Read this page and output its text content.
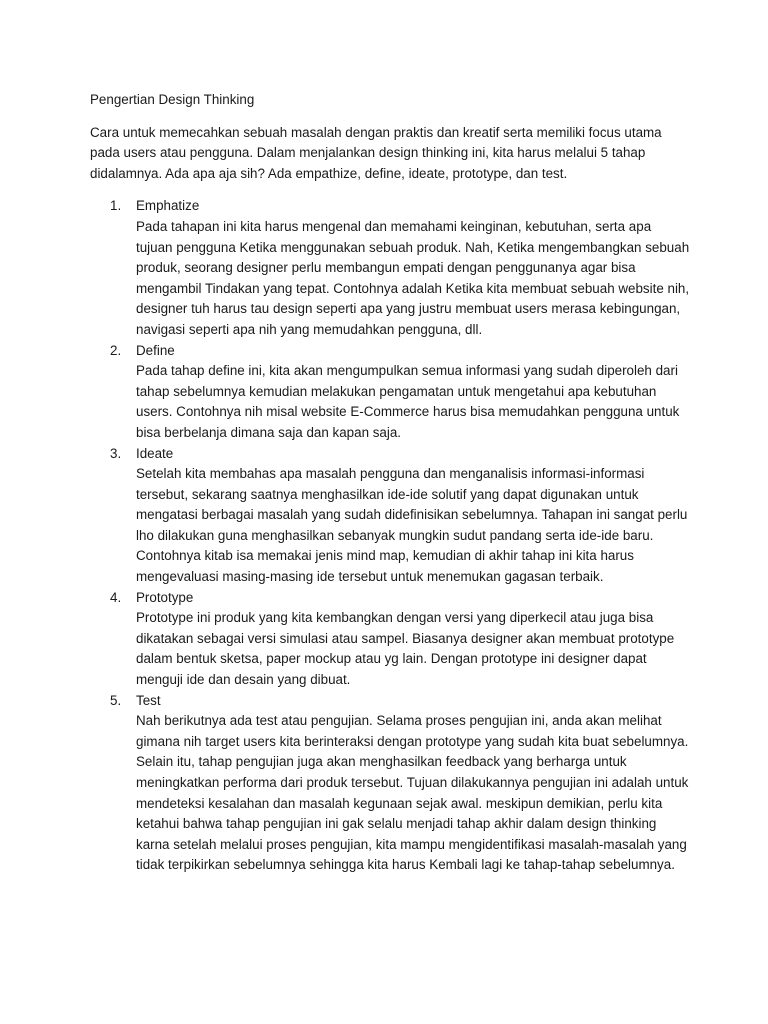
Pengertian Design Thinking

Cara untuk memecahkan sebuah masalah dengan praktis dan kreatif serta memiliki focus utama pada users atau pengguna. Dalam menjalankan design thinking ini, kita harus melalui 5 tahap didalamnya. Ada apa aja sih? Ada empathize, define, ideate, prototype, dan test.

1. Emphatize
Pada tahapan ini kita harus mengenal dan memahami keinginan, kebutuhan, serta apa tujuan pengguna Ketika menggunakan sebuah produk. Nah, Ketika mengembangkan sebuah produk, seorang designer perlu membangun empati dengan penggunanya agar bisa mengambil Tindakan yang tepat. Contohnya adalah Ketika kita membuat sebuah website nih, designer tuh harus tau design seperti apa yang justru membuat users merasa kebingungan, navigasi seperti apa nih yang memudahkan pengguna, dll.
2. Define
Pada tahap define ini, kita akan mengumpulkan semua informasi yang sudah diperoleh dari tahap sebelumnya kemudian melakukan pengamatan untuk mengetahui apa kebutuhan users. Contohnya nih misal website E-Commerce harus bisa memudahkan pengguna untuk bisa berbelanja dimana saja dan kapan saja.
3. Ideate
Setelah kita membahas apa masalah pengguna dan menganalisis informasi-informasi tersebut, sekarang saatnya menghasilkan ide-ide solutif yang dapat digunakan untuk mengatasi berbagai masalah yang sudah didefinisikan sebelumnya. Tahapan ini sangat perlu lho dilakukan guna menghasilkan sebanyak mungkin sudut pandang serta ide-ide baru. Contohnya kitab isa memakai jenis mind map, kemudian di akhir tahap ini kita harus mengevaluasi masing-masing ide tersebut untuk menemukan gagasan terbaik.
4. Prototype
Prototype ini produk yang kita kembangkan dengan versi yang diperkecil atau juga bisa dikatakan sebagai versi simulasi atau sampel. Biasanya designer akan membuat prototype dalam bentuk sketsa, paper mockup atau yg lain. Dengan prototype ini designer dapat menguji ide dan desain yang dibuat.
5. Test
Nah berikutnya ada test atau pengujian. Selama proses pengujian ini, anda akan melihat gimana nih target users kita berinteraksi dengan prototype yang sudah kita buat sebelumnya. Selain itu, tahap pengujian juga akan menghasilkan feedback yang berharga untuk meningkatkan performa dari produk tersebut. Tujuan dilakukannya pengujian ini adalah untuk mendeteksi kesalahan dan masalah kegunaan sejak awal. meskipun demikian, perlu kita ketahui bahwa tahap pengujian ini gak selalu menjadi tahap akhir dalam design thinking karna setelah melalui proses pengujian, kita mampu mengidentifikasi masalah-masalah yang tidak terpikirkan sebelumnya sehingga kita harus Kembali lagi ke tahap-tahap sebelumnya.
